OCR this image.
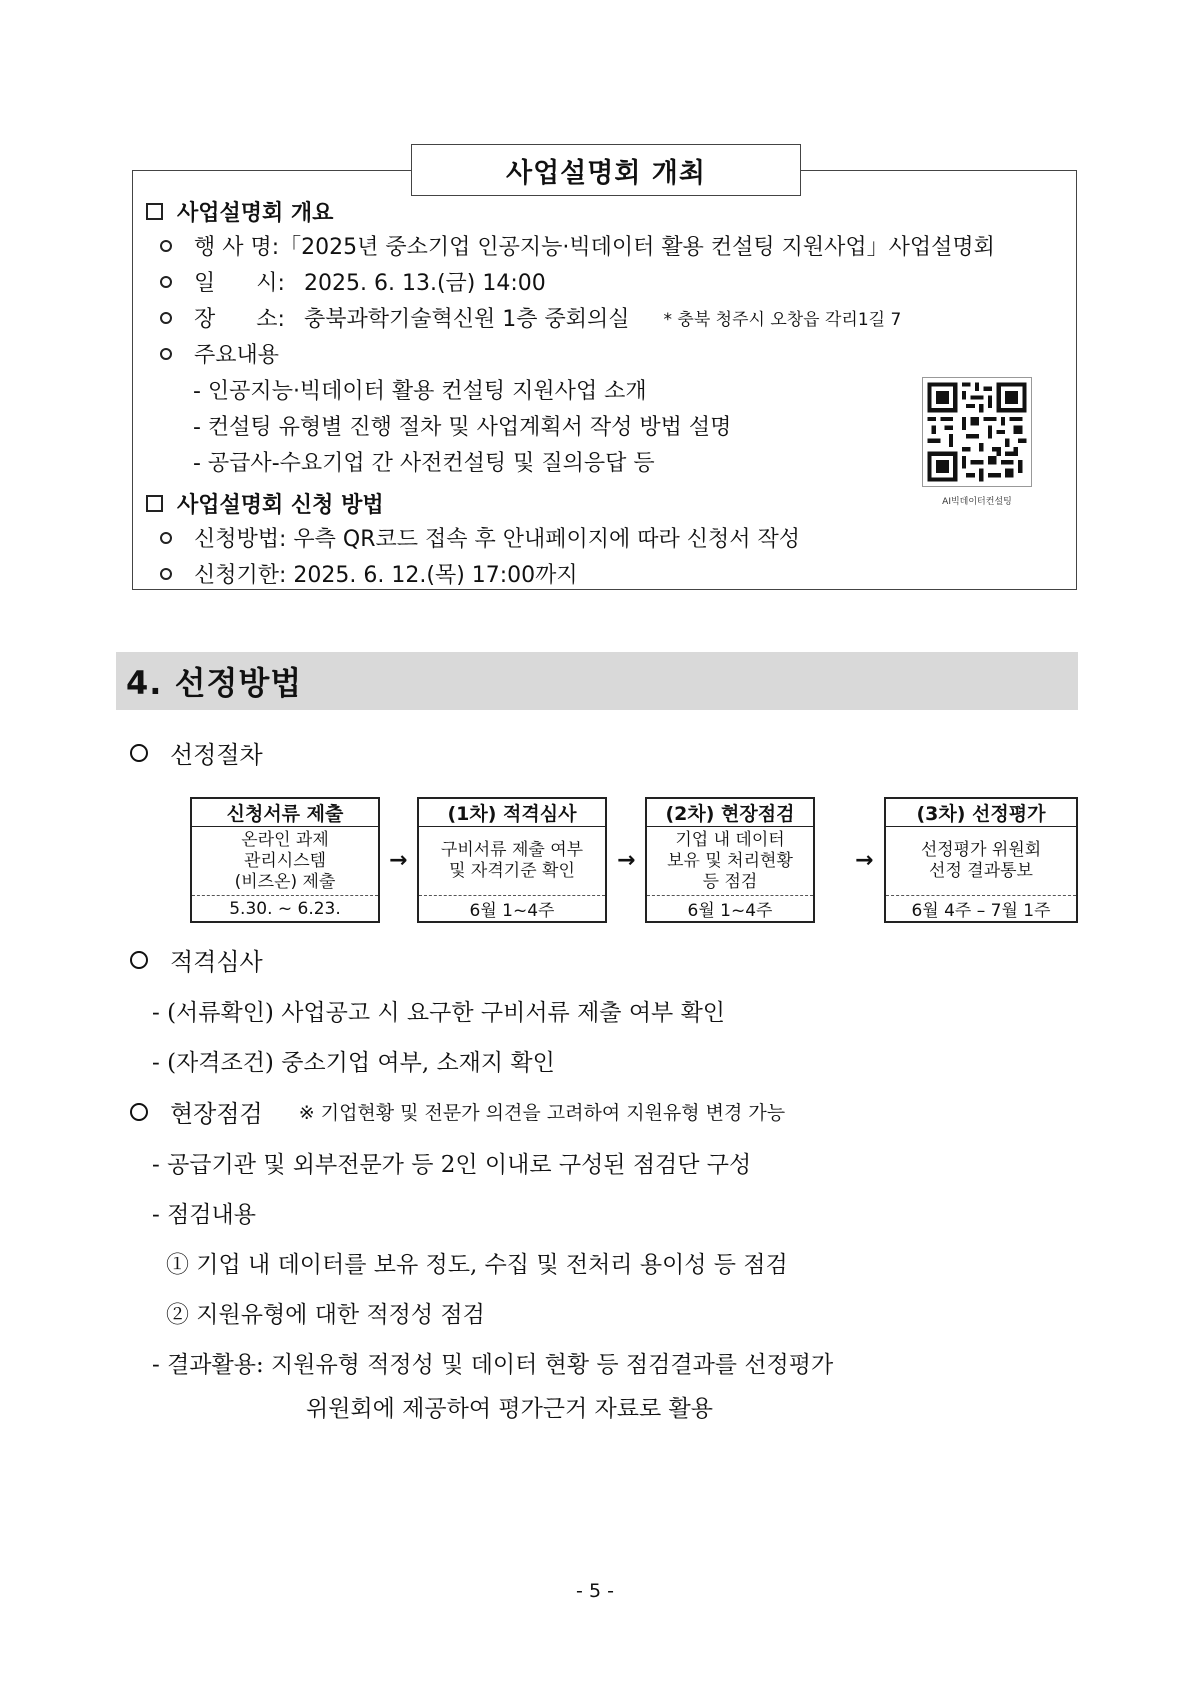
사업설명회 개최
사업설명회 개요
행 사 명: 「2025년 중소기업 인공지능·빅데이터 활용 컨설팅 지원사업」사업설명회
일 시: 2025. 6. 13.(금) 14:00
장 소: 충북과학기술혁신원 1층 중회의실 * 충북 청주시 오창읍 각리1길 7
주요내용
- 인공지능·빅데이터 활용 컨설팅 지원사업 소개
- 컨설팅 유형별 진행 절차 및 사업계획서 작성 방법 설명
- 공급사-수요기업 간 사전컨설팅 및 질의응답 등
사업설명회 신청 방법
신청방법: 우측 QR코드 접속 후 안내페이지에 따라 신청서 작성
신청기한: 2025. 6. 12.(목) 17:00까지
AI빅데이터컨설팅
4. 선정방법
선정절차
신청서류 제출
온라인 과제
관리시스템
(비즈온) 제출
5.30. ~ 6.23.
→
(1차) 적격심사
구비서류 제출 여부
및 자격기준 확인
6월 1~4주
→
(2차) 현장점검
기업 내 데이터
보유 및 처리현황
등 점검
6월 1~4주
→
(3차) 선정평가
선정평가 위원회
선정 결과통보
6월 4주 – 7월 1주
적격심사
- (서류확인) 사업공고 시 요구한 구비서류 제출 여부 확인
- (자격조건) 중소기업 여부, 소재지 확인
현장점검 ※ 기업현황 및 전문가 의견을 고려하여 지원유형 변경 가능
- 공급기관 및 외부전문가 등 2인 이내로 구성된 점검단 구성
- 점검내용
① 기업 내 데이터를 보유 정도, 수집 및 전처리 용이성 등 점검
② 지원유형에 대한 적정성 점검
- 결과활용: 지원유형 적정성 및 데이터 현황 등 점검결과를 선정평가
위원회에 제공하여 평가근거 자료로 활용
- 5 -
